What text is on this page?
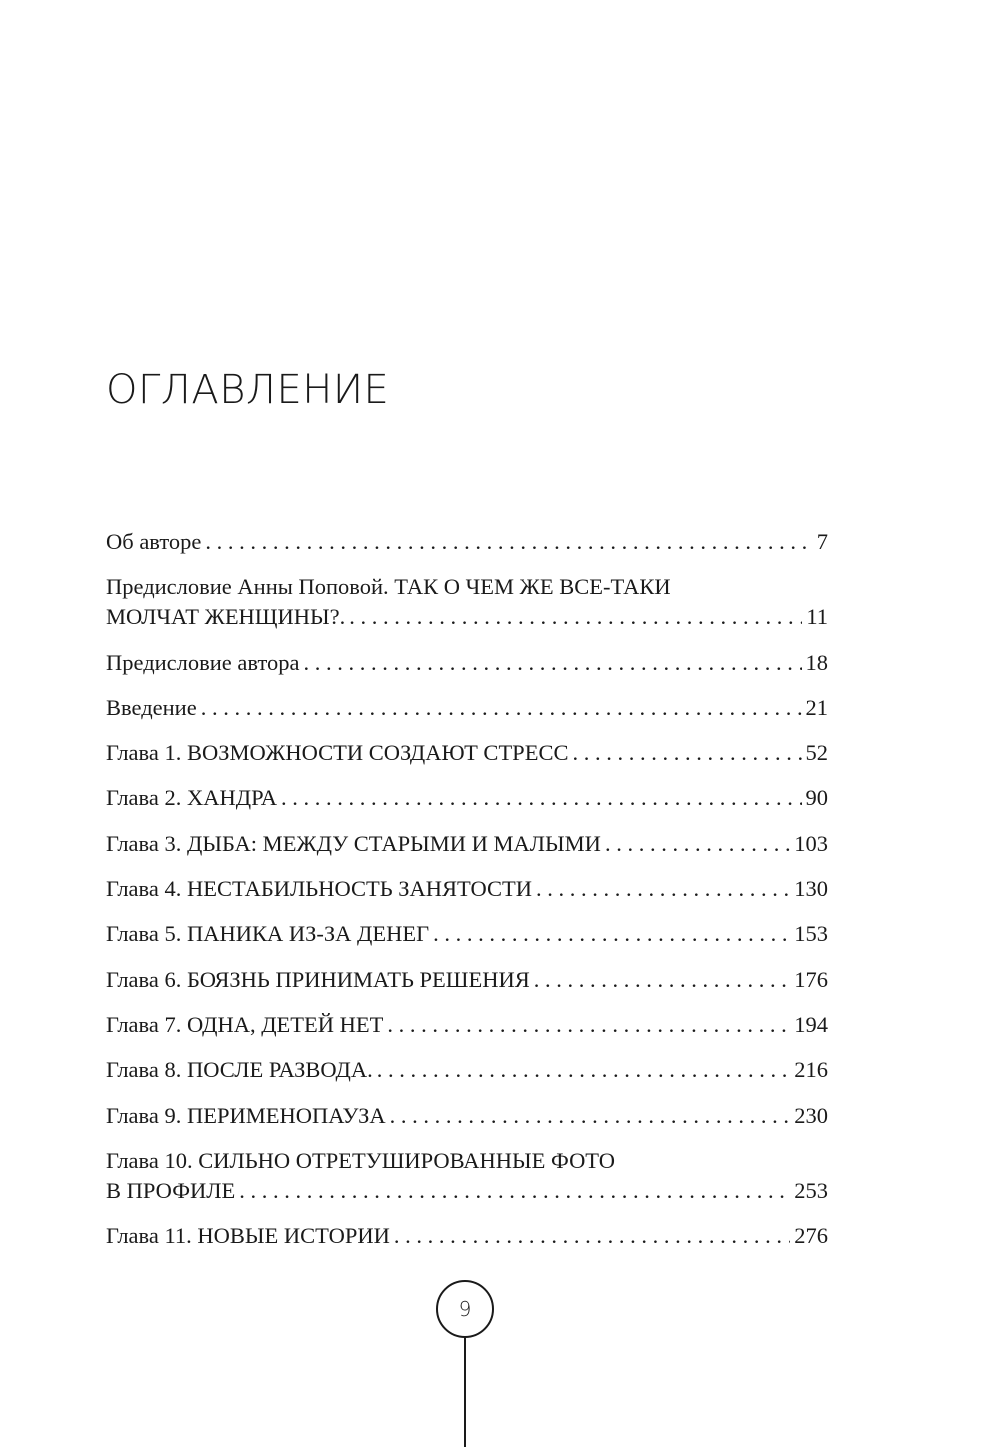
ОГЛАВЛЕНИЕ
Об авторе . . .	7
Предисловие Анны Поповой. ТАК О ЧЕМ ЖЕ ВСЕ-ТАКИ
МОЛЧАТ ЖЕНЩИНЫ?. . . .	11
Предисловие автора . . .	18
Введение . . .	21
Глава 1. ВОЗМОЖНОСТИ СОЗДАЮТ СТРЕСС . . .	52
Глава 2. ХАНДРА . . .	90
Глава 3. ДЫБА: МЕЖДУ СТАРЫМИ И МАЛЫМИ . . .	103
Глава 4. НЕСТАБИЛЬНОСТЬ ЗАНЯТОСТИ . . .	130
Глава 5. ПАНИКА ИЗ-ЗА ДЕНЕГ . . .	153
Глава 6. БОЯЗНЬ ПРИНИМАТЬ РЕШЕНИЯ . . .	176
Глава 7. ОДНА, ДЕТЕЙ НЕТ . . .	194
Глава 8. ПОСЛЕ РАЗВОДА. . . .	216
Глава 9. ПЕРИМЕНОПАУЗА . . .	230
Глава 10. СИЛЬНО ОТРЕТУШИРОВАННЫЕ ФОТО
В ПРОФИЛЕ . . .	253
Глава 11. НОВЫЕ ИСТОРИИ . . .	276
9
